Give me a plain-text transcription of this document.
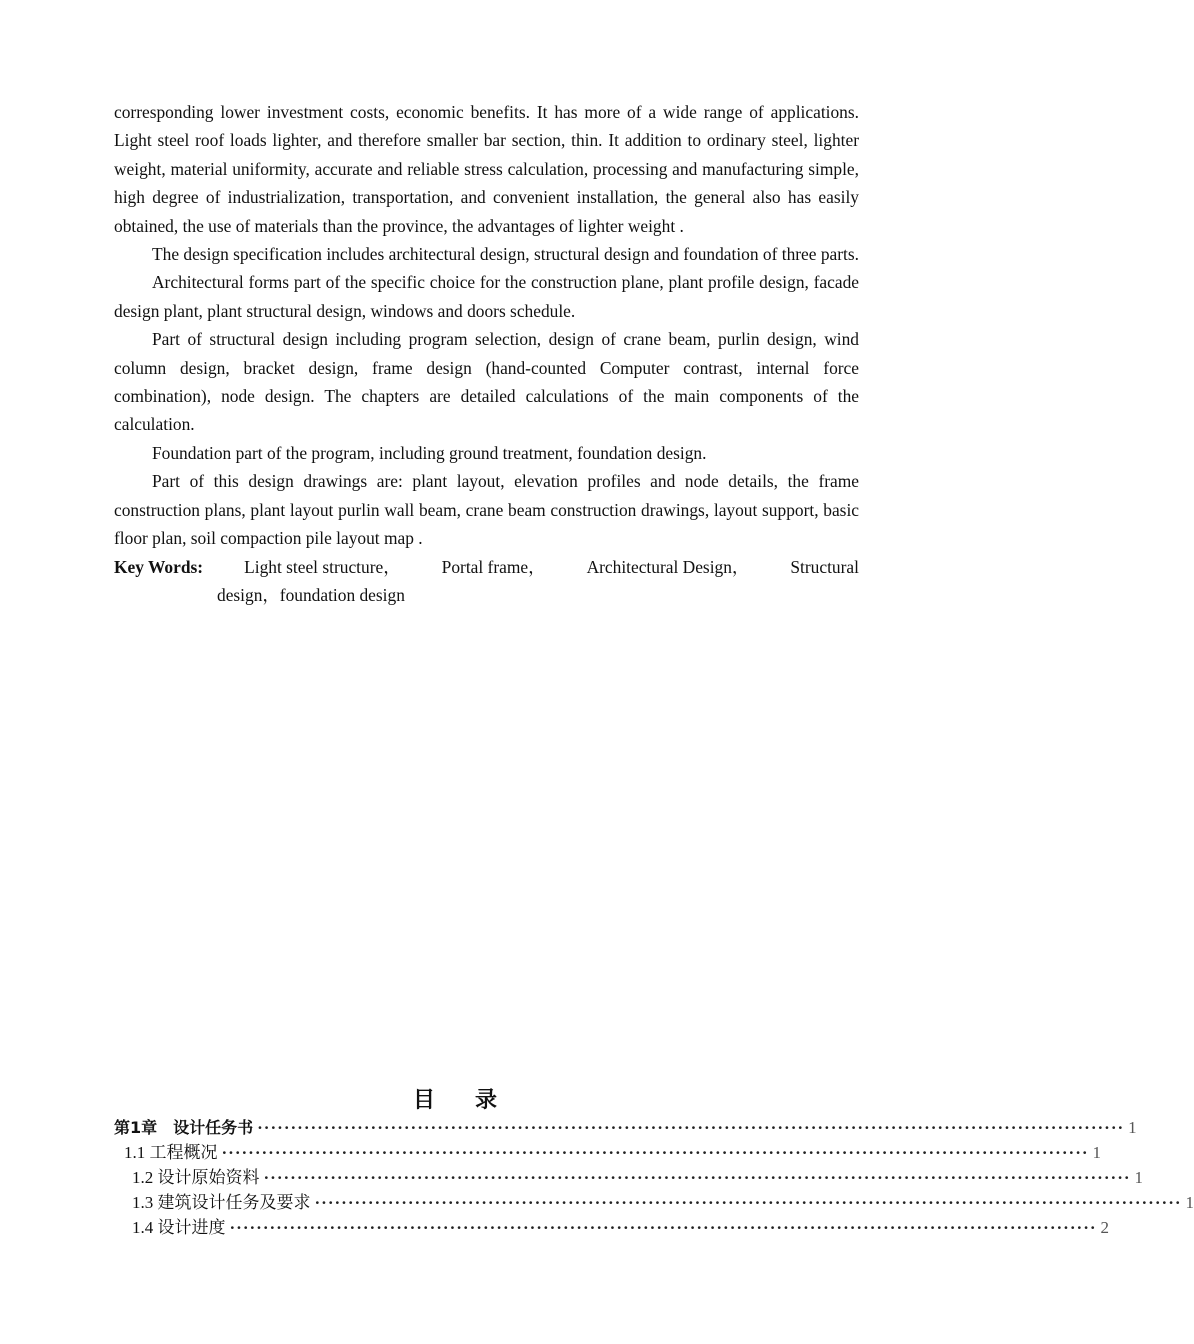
corresponding lower investment costs, economic benefits. It has more of a wide range of applications. Light steel roof loads lighter, and therefore smaller bar section, thin. It addition to ordinary steel, lighter weight, material uniformity, accurate and reliable stress calculation, processing and manufacturing simple, high degree of industrialization, transportation, and convenient installation, the general also has easily obtained, the use of materials than the province, the advantages of lighter weight .

The design specification includes architectural design, structural design and foundation of three parts.

Architectural forms part of the specific choice for the construction plane, plant profile design, facade design plant, plant structural design, windows and doors schedule.

Part of structural design including program selection, design of crane beam, purlin design, wind column design, bracket design, frame design (hand-counted Computer contrast, internal force combination), node design. The chapters are detailed calculations of the main components of the calculation.

Foundation part of the program, including ground treatment, foundation design.

Part of this design drawings are: plant layout, elevation profiles and node details, the frame construction plans, plant layout purlin wall beam, crane beam construction drawings, layout support, basic floor plan, soil compaction pile layout map .

Key Words: Light steel structure， Portal frame， Architectural Design， Structural
design，foundation design
目录
第1章　设计任务书 ·································································································································· 1
1.1 工程概况 ·································································································································· 1
1.2 设计原始资料 ·································································································································· 1
1.3 建筑设计任务及要求 ·································································································································· 1
1.4 设计进度 ·································································································································· 2
